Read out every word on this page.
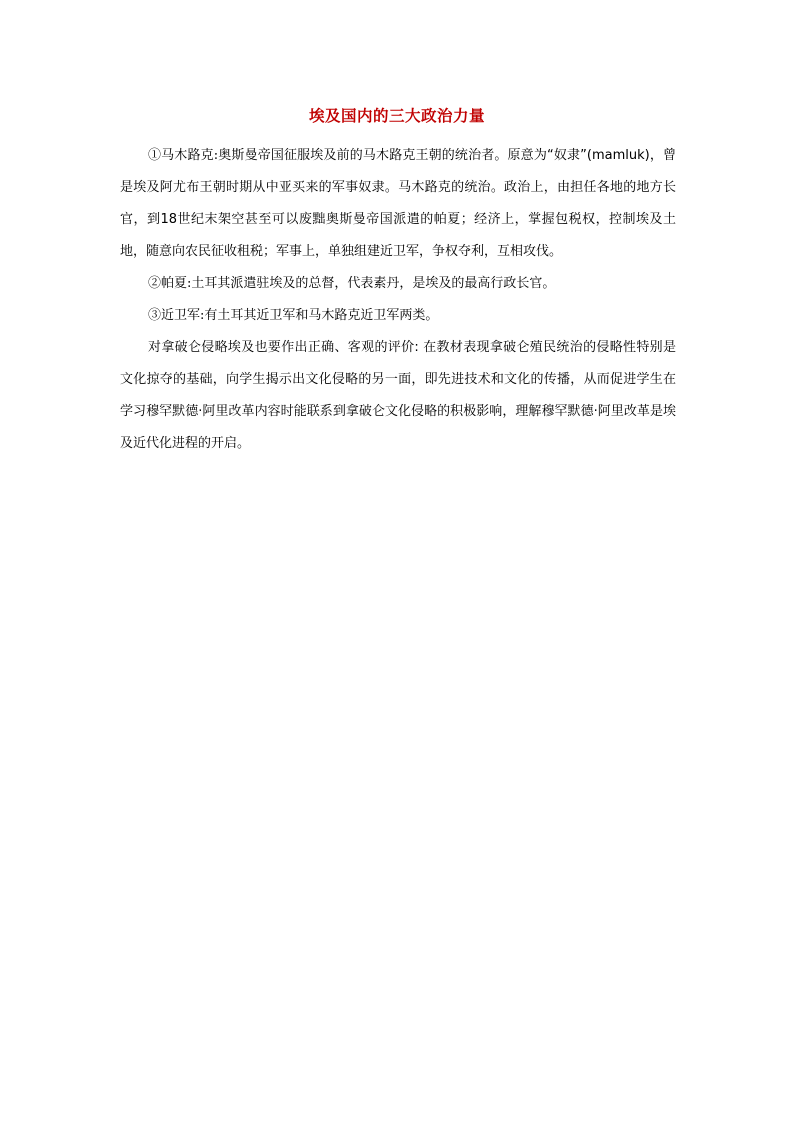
埃及国内的三大政治力量

①马木路克:奥斯曼帝国征服埃及前的马木路克王朝的统治者。原意为“奴隶”(mamluk)，曾是埃及阿尤布王朝时期从中亚买来的军事奴隶。马木路克的统治。政治上，由担任各地的地方长官，到18世纪末架空甚至可以废黜奥斯曼帝国派遣的帕夏；经济上，掌握包税权，控制埃及土地，随意向农民征收租税；军事上，单独组建近卫军，争权夺利，互相攻伐。

②帕夏:土耳其派遣驻埃及的总督，代表素丹，是埃及的最高行政长官。

③近卫军:有土耳其近卫军和马木路克近卫军两类。

对拿破仑侵略埃及也要作出正确、客观的评价: 在教材表现拿破仑殖民统治的侵略性特别是文化掠夺的基础，向学生揭示出文化侵略的另一面，即先进技术和文化的传播，从而促进学生在学习穆罕默德·阿里改革内容时能联系到拿破仑文化侵略的积极影响，理解穆罕默德·阿里改革是埃及近代化进程的开启。
